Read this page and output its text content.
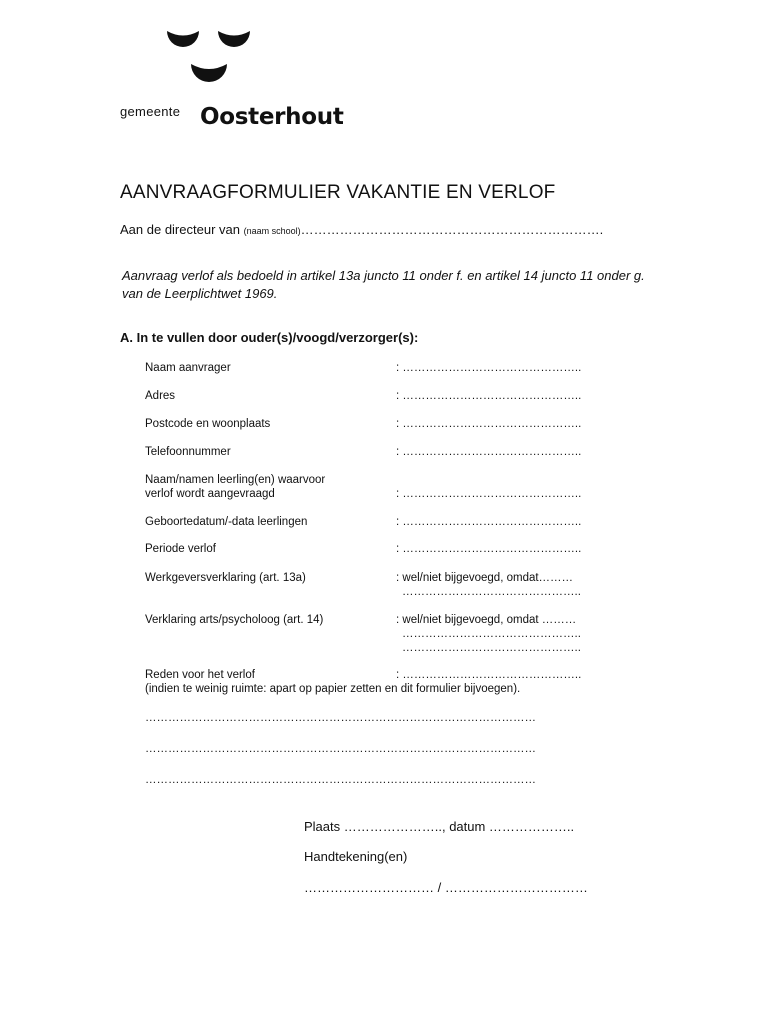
gemeente Oosterhout
AANVRAAGFORMULIER VAKANTIE EN VERLOF
Aan de directeur van (naam school)…………………………………………………………….
Aanvraag verlof als bedoeld in artikel 13a juncto 11 onder f. en artikel 14 juncto 11 onder g.
van de Leerplichtwet 1969.
A. In te vullen door ouder(s)/voogd/verzorger(s):
Naam aanvrager	: ………………………………………..
Adres	: ………………………………………..
Postcode en woonplaats	: ………………………………………..
Telefoonnummer	: ………………………………………..
Naam/namen leerling(en) waarvoor
verlof wordt aangevraagd	: ………………………………………..
Geboortedatum/-data leerlingen	: ………………………………………..
Periode verlof	: ………………………………………..
Werkgeversverklaring (art. 13a)	: wel/niet bijgevoegd, omdat………
………………………………………..
Verklaring arts/psycholoog (art. 14)	: wel/niet bijgevoegd, omdat ………
………………………………………..
………………………………………..
Reden voor het verlof	: ………………………………………..
(indien te weinig ruimte: apart op papier zetten en dit formulier bijvoegen).
…………………………………………………………………………………………
…………………………………………………………………………………………
…………………………………………………………………………………………
Plaats ………………….., datum ………………..
Handtekening(en)
………………………… / ……………………………
